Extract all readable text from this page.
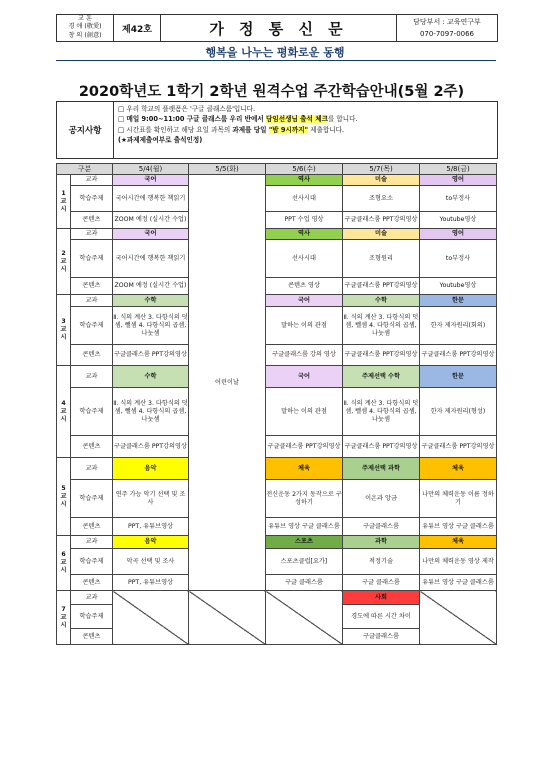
교 훈
경 애 (敬愛)
창 의 (創意)
제42호	가 정 통 신 문	담당부서 : 교육연구부
070-7097-0066
행복을 나누는 평화로운 동행
2020학년도 1학기 2학년 원격수업 주간학습안내(5월 2주)
공지사항
□ 우리 학교의 플랫폼은 '구글 클래스룸'입니다.
□ 매일 9:00~11:00 구글 클래스룸 우리 반에서 담임선생님 출석 체크를 합니다.
□ 시간표를 확인하고 해당 요일 과목의 과제를 당일 "밤 9시까지" 제출합니다.
(★과제제출여부로 출석인정)
구분		5/4(월)	5/5(화)	5/6(수)	5/7(목)	5/8(금)

1
교
시	교과	국어	어린이날	역사	미술	영어
	학습주제	국어시간에 행복한 책읽기		선사시대	조형요소	to부정사
	콘텐츠	ZOOM 예정 (실시간 수업)		PPT 수업 영상	구글클래스룸 PPT강의영상	Youtube영상

2
교
시	교과	국어		역사	미술	영어
	학습주제	국어시간에 행복한 책읽기		선사시대	조형원리	to부정사
	콘텐츠	ZOOM 예정 (실시간 수업)		콘텐츠 영상	구글클래스룸 PPT강의영상	Youtube영상

3
교
시	교과	수학		국어	수학	한문
	학습주제	Ⅱ. 식의 계산 3. 다항식의 덧셈, 뺄셈 4. 다항식의 곱셈, 나눗셈		말하는 이의 관점	Ⅱ. 식의 계산 3. 다항식의 덧셈, 뺄셈 4. 다항식의 곱셈, 나눗셈	한자 제자원리(회의)
	콘텐츠	구글클래스룸 PPT강의영상		구글클래스룸 강의 영상	구글클래스룸 PPT강의영상	구글클래스룸 PPT강의영상

4
교
시	교과	수학		국어	주제선택 수학	한문
	학습주제	Ⅱ. 식의 계산 3. 다항식의 덧셈, 뺄셈 4. 다항식의 곱셈, 나눗셈		말하는 이의 관점	Ⅱ. 식의 계산 3. 다항식의 덧셈, 뺄셈 4. 다항식의 곱셈, 나눗셈	한자 제자원리(형성)
	콘텐츠	구글클래스룸 PPT강의영상		구글클래스룸 PPT강의영상	구글클래스룸 PPT강의영상	구글클래스룸 PPT강의영상

5
교
시	교과	음악		체육	주제선택 과학	체육
	학습주제	연주 가능 악기 선택 및 조사		전신운동 2가지 동작으로 구성하기	이온과 앙금	나만의 체력운동 이름 정하기
	콘텐츠	PPT, 유튜브영상		유튜브 영상 구글 클래스룸	구글클래스룸	유튜브 영상 구글 클래스룸

6
교
시	교과	음악		스포츠	과학	체육
	학습주제	악곡 선택 및 조사		스포츠클럽[요가]	적정기술	나만의 체력운동 영상 제작
	콘텐츠	PPT, 유튜브영상		구글 클래스룸	구글 클래스룸	유튜브 영상 구글 클래스룸

7
교
시	교과				사회	
	학습주제				경도에 따른 시간 차이	
	콘텐츠				구글클래스룸	
